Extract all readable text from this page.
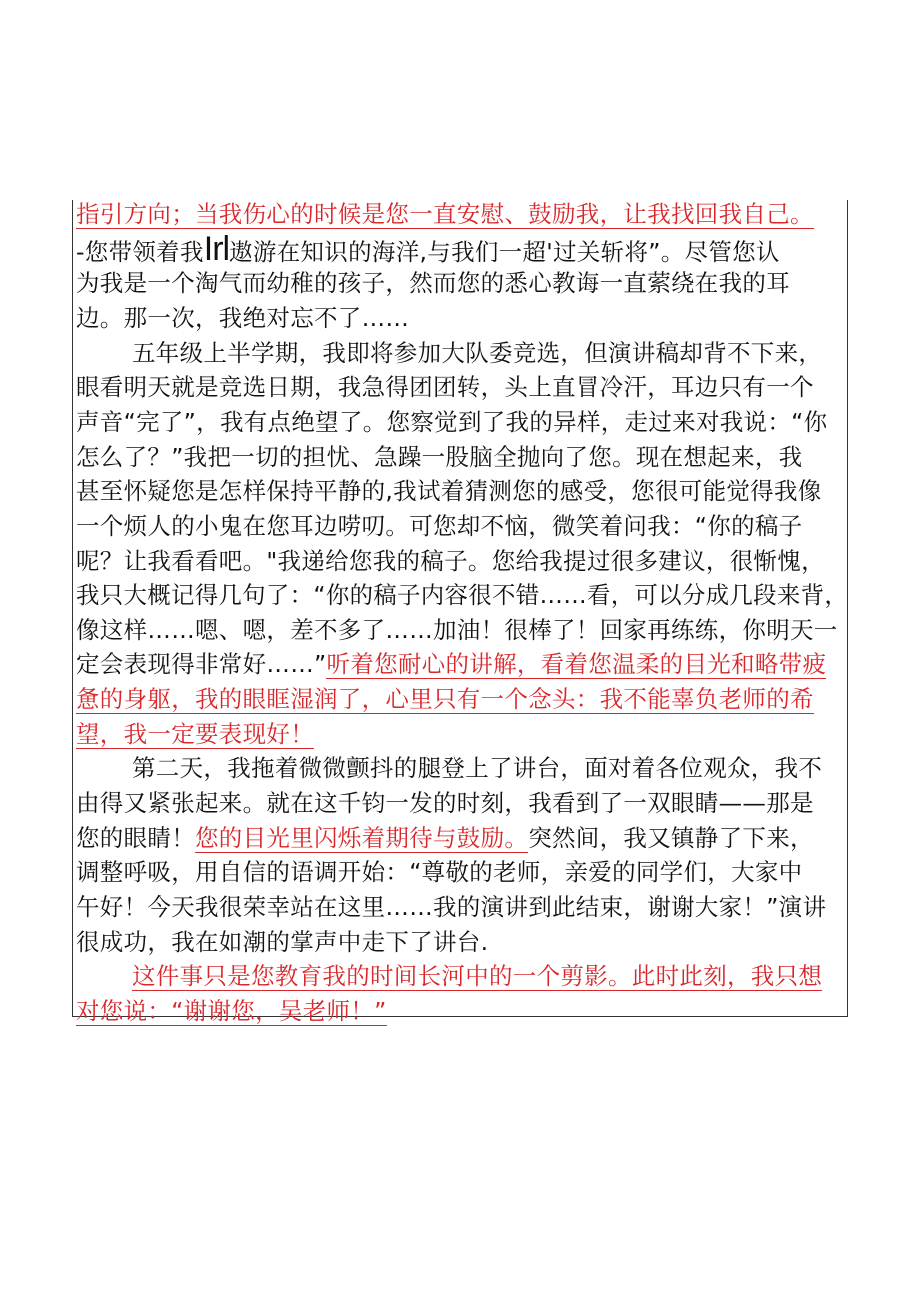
指引方向；当我伤心的时候是您一直安慰、鼓励我，让我找回我自己。
-您带领着我Irl遨游在知识的海洋,与我们一超'过关斩将”。尽管您认
为我是一个淘气而幼稚的孩子，然而您的悉心教诲一直萦绕在我的耳
边。那一次，我绝对忘不了……
五年级上半学期，我即将参加大队委竞选，但演讲稿却背不下来，
眼看明天就是竞选日期，我急得团团转，头上直冒冷汗，耳边只有一个
声音“完了”，我有点绝望了。您察觉到了我的异样，走过来对我说：“你
怎么了？”我把一切的担忧、急躁一股脑全抛向了您。现在想起来，我
甚至怀疑您是怎样保持平静的,我试着猜测您的感受，您很可能觉得我像
一个烦人的小鬼在您耳边唠叨。可您却不恼，微笑着问我：“你的稿子
呢？让我看看吧。"我递给您我的稿子。您给我提过很多建议，很惭愧，
我只大概记得几句了：“你的稿子内容很不错……看，可以分成几段来背，
像这样……嗯、嗯，差不多了……加油！很棒了！回家再练练，你明天一
定会表现得非常好……”听着您耐心的讲解，看着您温柔的目光和略带疲
惫的身躯，我的眼眶湿润了，心里只有一个念头：我不能辜负老师的希
望，我一定要表现好！
第二天，我拖着微微颤抖的腿登上了讲台，面对着各位观众，我不
由得又紧张起来。就在这千钧一发的时刻，我看到了一双眼睛——那是
您的眼睛！您的目光里闪烁着期待与鼓励。突然间，我又镇静了下来，
调整呼吸，用自信的语调开始：“尊敬的老师，亲爱的同学们，大家中
午好！今天我很荣幸站在这里……我的演讲到此结束，谢谢大家！”演讲
很成功，我在如潮的掌声中走下了讲台.
这件事只是您教育我的时间长河中的一个剪影。此时此刻，我只想
对您说：“谢谢您，吴老师！”
